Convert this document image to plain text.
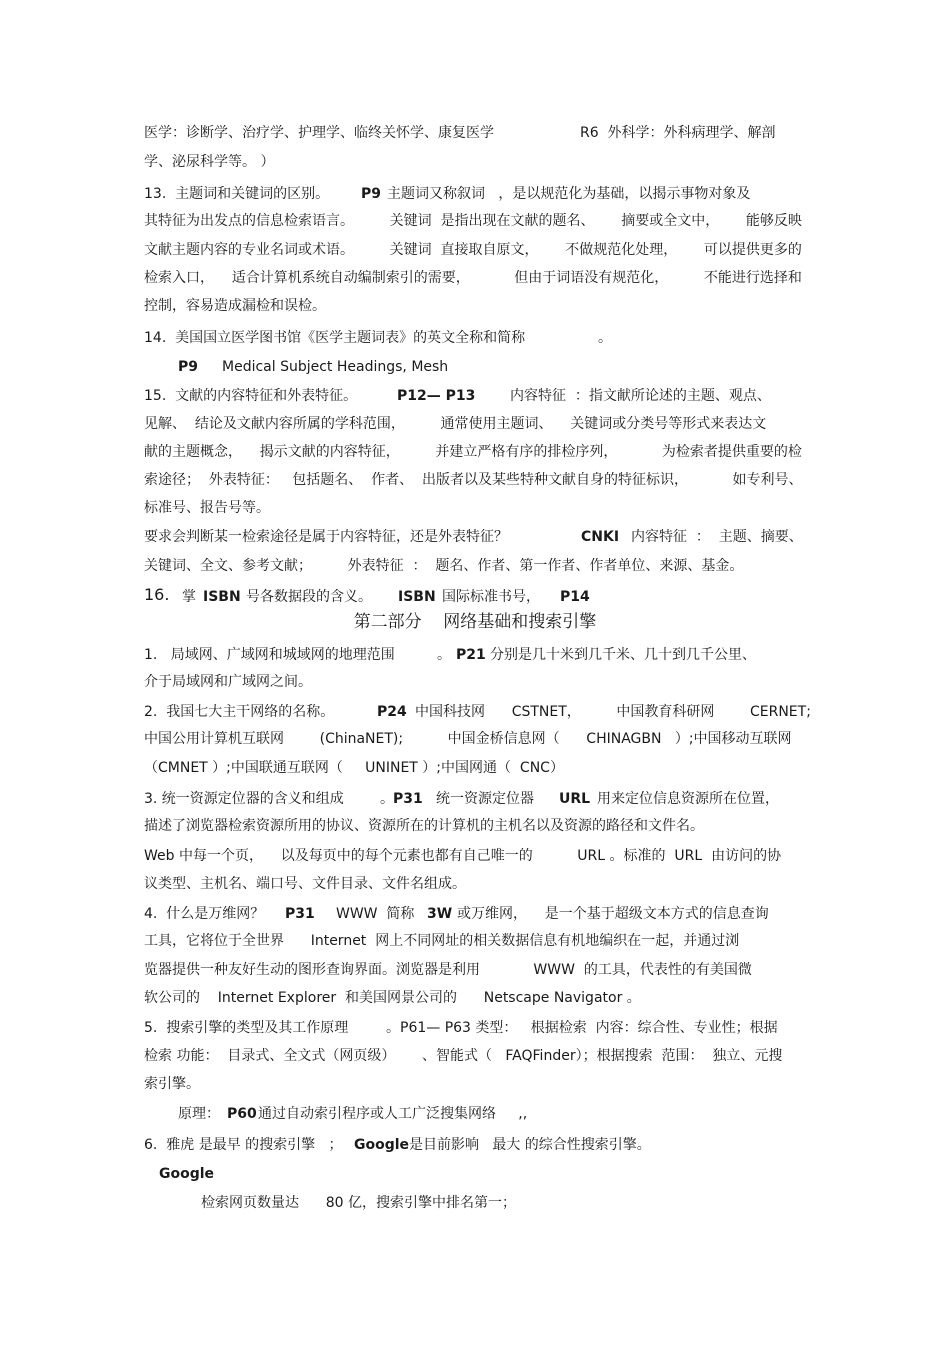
医学：诊断学、治疗学、护理学、临终关怀学、康复医学	R6  外科学：外科病理学、解剖
学、泌尿科学等。 ）
13.  主题词和关键词的区别。 P9 主题词又称叙词   ，是以规范化为基础，以揭示事物对象及
其特征为出发点的信息检索语言。        关键词  是指出现在文献的题名、      摘要或全文中，      能够反映
文献主题内容的专业名词或术语。        关键词  直接取自原文，      不做规范化处理，      可以提供更多的
检索入口，    适合计算机系统自动编制索引的需要，          但由于词语没有规范化，        不能进行选择和
控制，容易造成漏检和误检。
14.  美国国立医学图书馆《医学主题词表》的英文全称和简称	。
P9 Medical Subject Headings, Mesh
15.  文献的内容特征和外表特征。	P12— P13 内容特征  ：指文献所论述的主题、观点、
见解、  结论及文献内容所属的学科范围，        通常使用主题词、    关键词或分类号等形式来表达文
献的主题概念，    揭示文献的内容特征，        并建立严格有序的排检序列，          为检索者提供重要的检
索途径；  外表特征：   包括题名、  作者、  出版者以及某些特种文献自身的特征标识，          如专利号、
标准号、报告号等。
要求会判断某一检索途径是属于内容特征，还是外表特征？	CNKI 内容特征  ：  主题、摘要、
关键词、全文、参考文献；        外表特征  ：  题名、作者、第一作者、作者单位、来源、基金。
16. 掌 ISBN 号各数据段的含义。 ISBN 国际标准书号， P14
第二部分    网络基础和搜索引擎
1.   局域网、广域网和城域网的地理范围	。 P21 分别是几十米到几千米、几十到几千公里、
介于局域网和广域网之间。
2.  我国七大主干网络的名称。	P24 中国科技网      CSTNET，        中国教育科研网        CERNET;
中国公用计算机互联网        (ChinaNET);          中国金桥信息网（      CHINAGBN   ）;中国移动互联网
（CMNET ）;中国联通互联网（     UNINET ）;中国网通（  CNC）
3. 统一资源定位器的含义和组成	。 P31 统一资源定位器 URL 用来定位信息资源所在位置，
描述了浏览器检索资源所用的协议、资源所在的计算机的主机名以及资源的路径和文件名。
Web 中每一个页，    以及每页中的每个元素也都有自己唯一的          URL 。标准的  URL  由访问的协
议类型、主机名、端口号、文件目录、文件名组成。
4.  什么是万维网？ P31 WWW  简称 3W 或万维网，    是一个基于超级文本方式的信息查询
工具，它将位于全世界      Internet  网上不同网址的相关数据信息有机地编织在一起，并通过浏
览器提供一种友好生动的图形查询界面。浏览器是利用            WWW  的工具，代表性的有美国微
软公司的    Internet Explorer  和美国网景公司的      Netscape Navigator 。
5.  搜索引擎的类型及其工作原理	。P61— P63 类型：   根据检索  内容：综合性、专业性；根据
检索 功能：  目录式、全文式（网页级）      、智能式（   FAQFinder）；根据搜索  范围：  独立、元搜
索引擎。
原理： P60 通过自动索引程序或人工广泛搜集网络     ,,
6.  雅虎 是最早 的搜索引擎   ； Google 是目前影响   最大 的综合性搜索引擎。
Google
检索网页数量达      80 亿，搜索引擎中排名第一；
